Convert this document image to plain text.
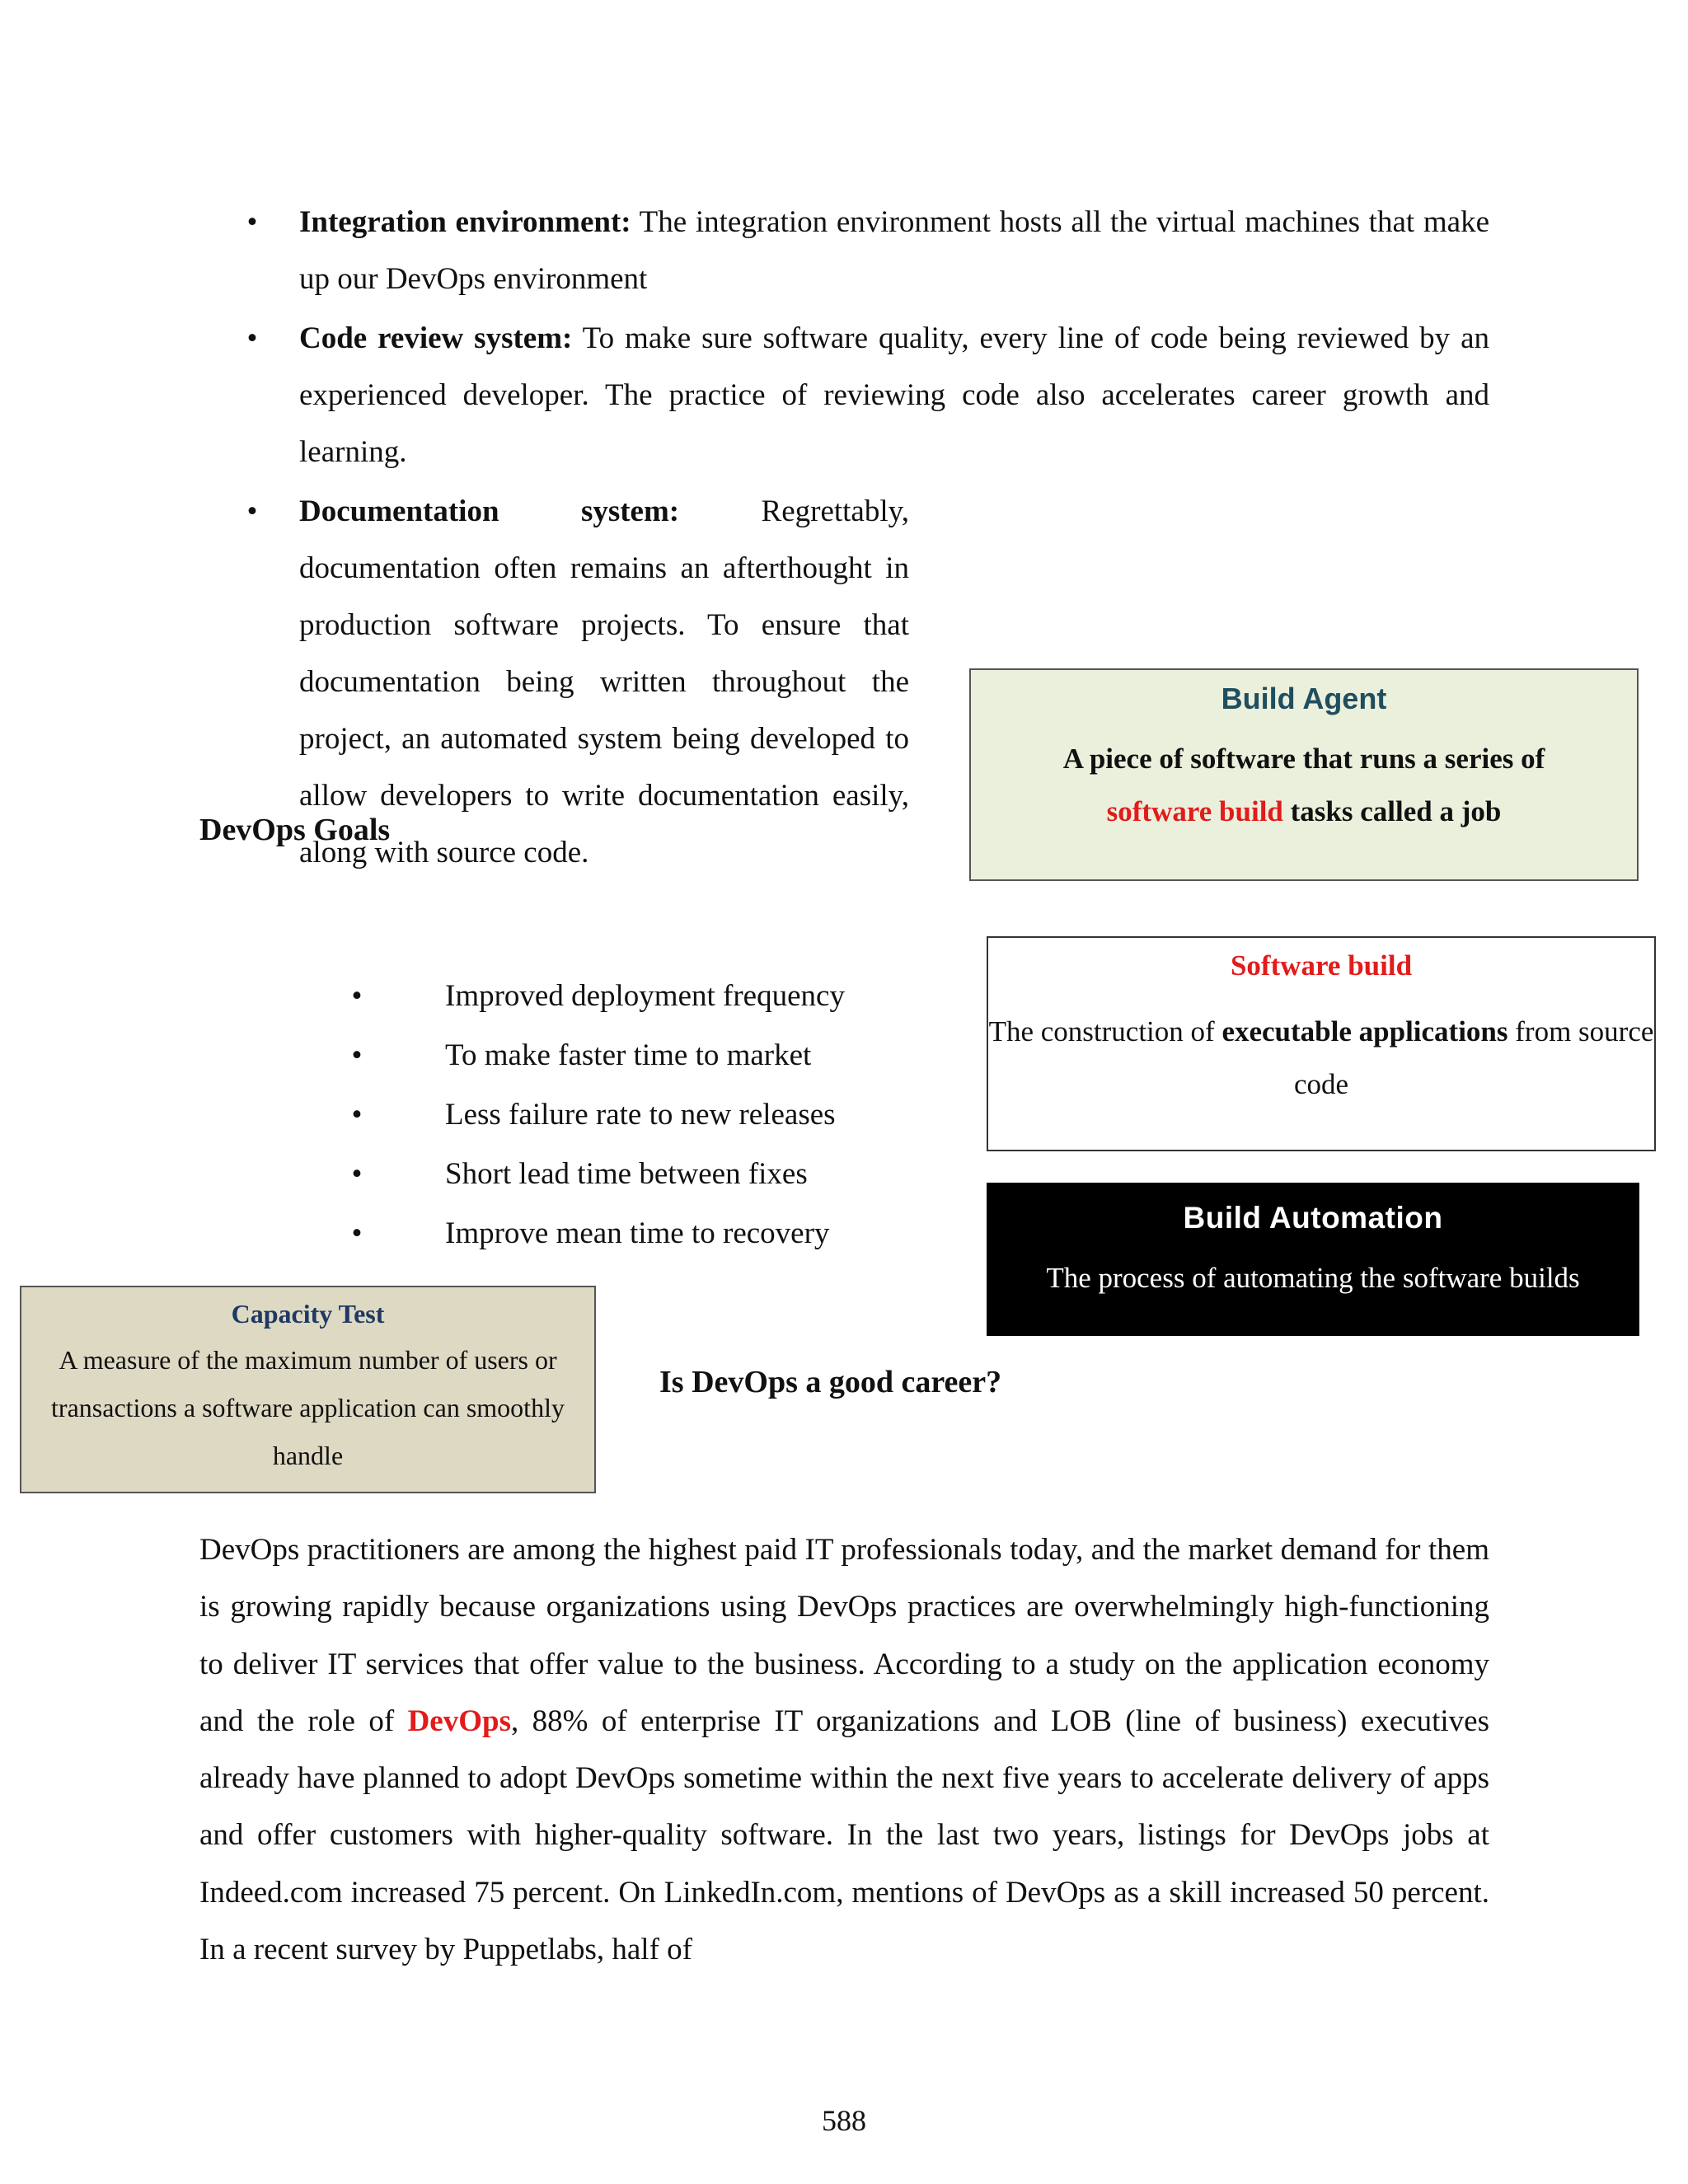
• Integration environment: The integration environment hosts all the virtual machines that make up our DevOps environment

• Code review system: To make sure software quality, every line of code being reviewed by an experienced developer. The practice of reviewing code also accelerates career growth and learning.

• Documentation system: Regrettably, documentation often remains an afterthought in production software projects. To ensure that documentation being written throughout the project, an automated system being developed to allow developers to write documentation easily, along with source code.

DevOps Goals
•	Improved deployment frequency
•	To make faster time to market
•	Less failure rate to new releases
•	Short lead time between fixes
•	Improve mean time to recovery
Build Agent
A piece of software that runs a series of
software build tasks called a job
Software build
The construction of executable applications from source code
Build Automation
The process of automating the software builds
Capacity Test
A measure of the maximum number of users or transactions a software application can smoothly handle
Is DevOps a good career?

DevOps practitioners are among the highest paid IT professionals today, and the market demand for them is growing rapidly because organizations using DevOps practices are overwhelmingly high-functioning to deliver IT services that offer value to the business. According to a study on the application economy and the role of DevOps, 88% of enterprise IT organizations and LOB (line of business) executives already have planned to adopt DevOps sometime within the next five years to accelerate delivery of apps and offer customers with higher-quality software. In the last two years, listings for DevOps jobs at Indeed.com increased 75 percent. On LinkedIn.com, mentions of DevOps as a skill increased 50 percent. In a recent survey by Puppetlabs, half of

588
